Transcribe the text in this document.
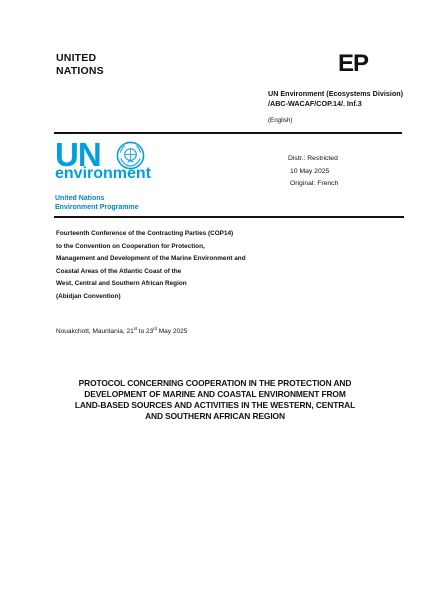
UNITED
NATIONS	EP
UN Environment (Ecosystems Division)
/ABC-WACAF/COP.14/. Inf.3
(English)
UN
environment
United Nations
Environment Programme
Distr.: Restricted
10 May 2025
Original: French
Fourteenth Conference of the Contracting Parties (COP14)
to the Convention on Cooperation for Protection,
Management and Development of the Marine Environment and
Coastal Areas of the Atlantic Coast of the
West, Central and Southern African Region
(Abidjan Convention)
Nouakchott, Mauritania, 21st to 23rd May 2025
PROTOCOL CONCERNING COOPERATION IN THE PROTECTION AND
DEVELOPMENT OF MARINE AND COASTAL ENVIRONMENT FROM
LAND-BASED SOURCES AND ACTIVITIES IN THE WESTERN, CENTRAL
AND SOUTHERN AFRICAN REGION
